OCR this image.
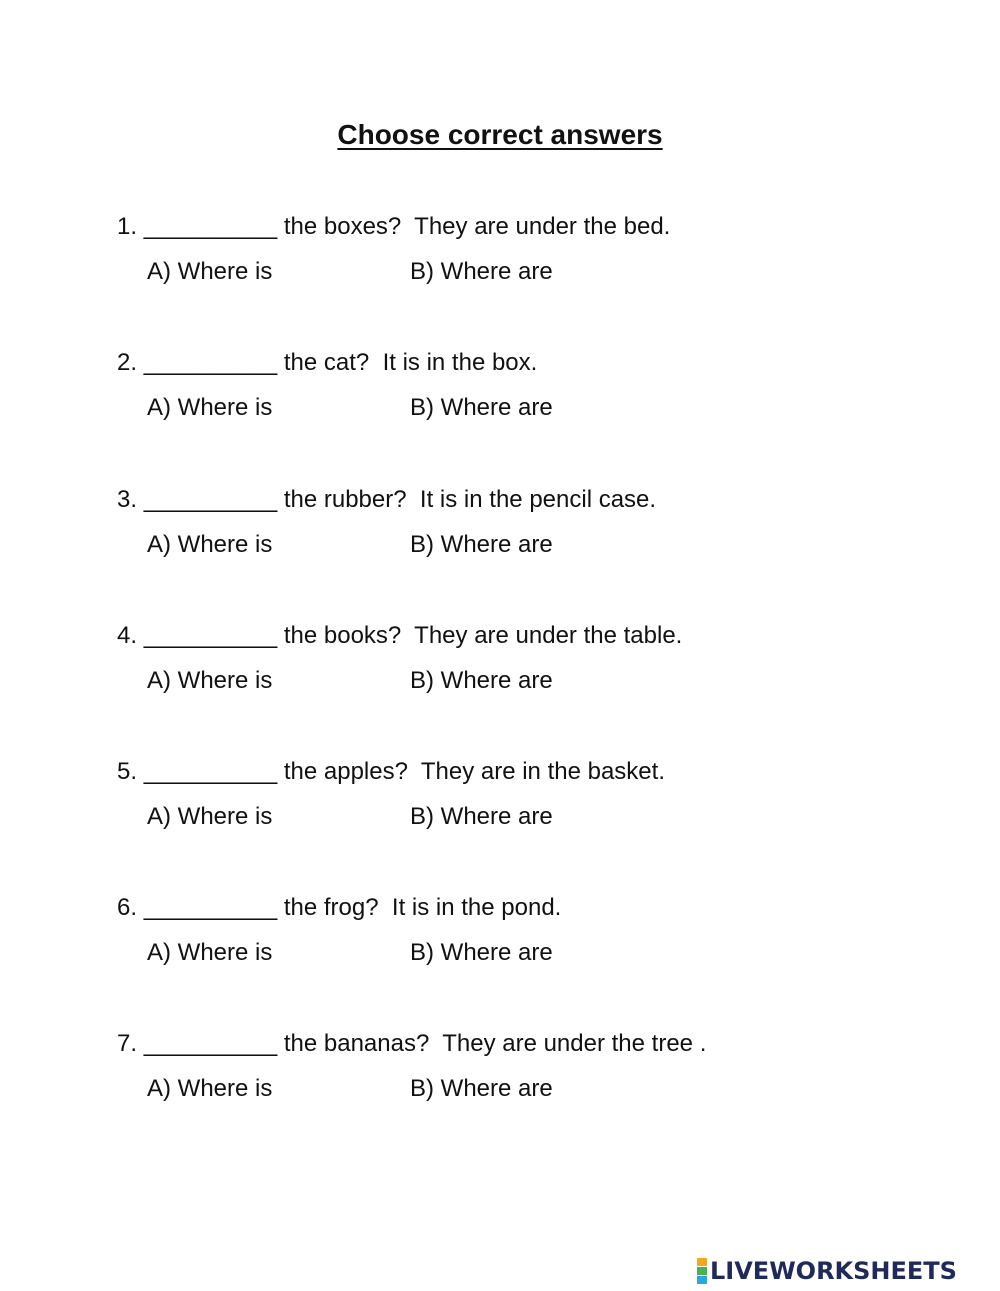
Choose correct answers
1. __________ the boxes?  They are under the bed.
A) Where is	B) Where are
2. __________ the cat?  It is in the box.
A) Where is	B) Where are
3. __________ the rubber?  It is in the pencil case.
A) Where is	B) Where are
4. __________ the books?  They are under the table.
A) Where is	B) Where are
5. __________ the apples?  They are in the basket.
A) Where is	B) Where are
6. __________ the frog?  It is in the pond.
A) Where is	B) Where are
7. __________ the bananas?  They are under the tree .
A) Where is	B) Where are
LIVEWORKSHEETS
